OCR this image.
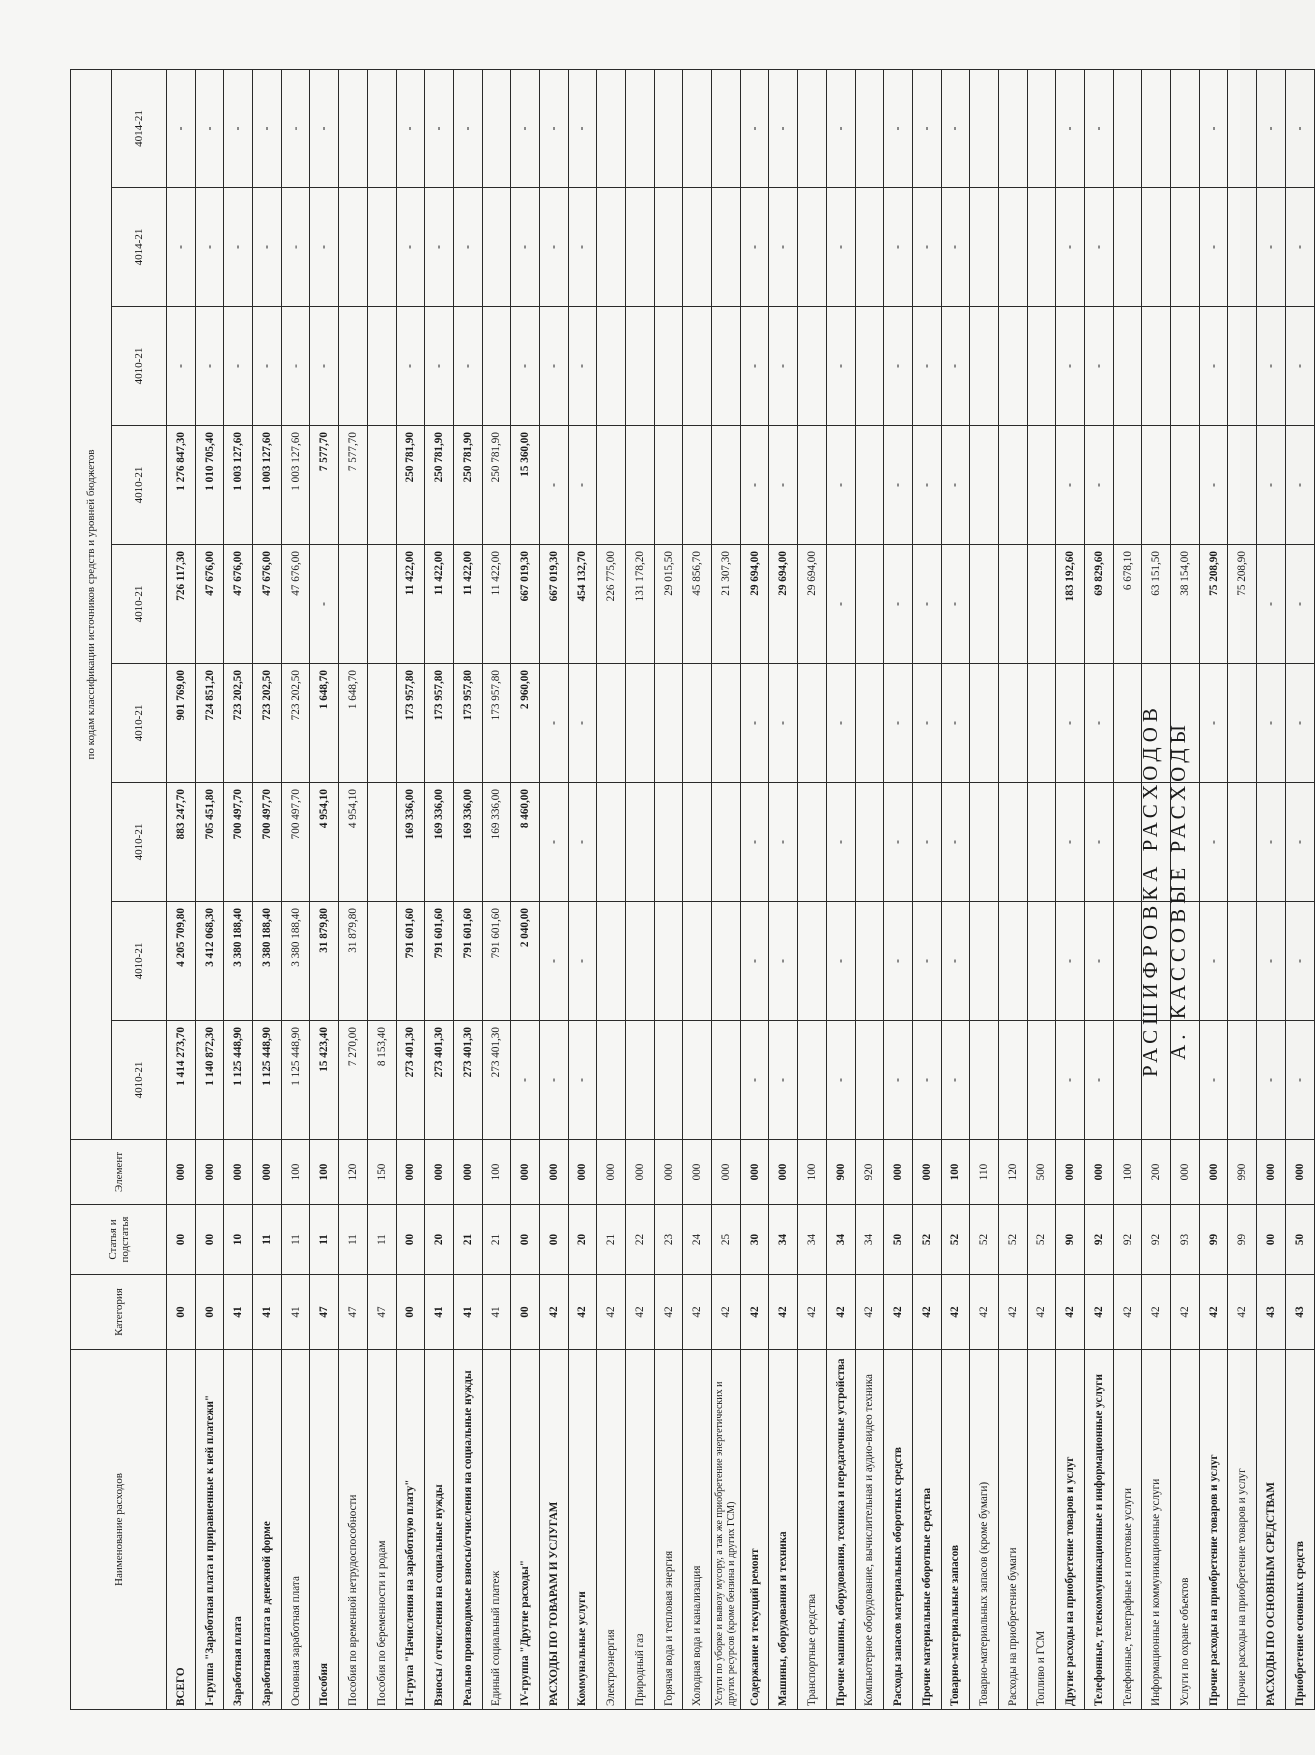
Наименование расходов	Категория	Статья и подстатья	Элемент	по кодам классификации источников средств и уровней бюджетов								
				4010-21	4010-21	4010-21	4010-21	4010-21	4010-21	4010-21	4014-21	4014-21
ВСЕГО	00	00	000	1 414 273,70	4 205 709,80	883 247,70	901 769,00	726 117,30	1 276 847,30	-	-	-
I-группа "Заработная плата и приравненные к ней платежи"	00	00	000	1 140 872,30	3 412 068,30	705 451,80	724 851,20	47 676,00	1 010 705,40	-	-	-
Заработная плата	41	10	000	1 125 448,90	3 380 188,40	700 497,70	723 202,50	47 676,00	1 003 127,60	-	-	-
Заработная плата в денежной форме	41	11	000	1 125 448,90	3 380 188,40	700 497,70	723 202,50	47 676,00	1 003 127,60	-	-	-
Основная заработная плата	41	11	100	1 125 448,90	3 380 188,40	700 497,70	723 202,50	47 676,00	1 003 127,60	-	-	-
Пособия	47	11	100	15 423,40	31 879,80	4 954,10	1 648,70	-	7 577,70	-	-	-
Пособия по временной нетрудоспособности	47	11	120	7 270,00	31 879,80	4 954,10	1 648,70		7 577,70			
Пособия по беременности и родам	47	11	150	8 153,40								
II-група "Начисления на заработную плату"	00	00	000	273 401,30	791 601,60	169 336,00	173 957,80	11 422,00	250 781,90	-	-	-
Взносы / отчисления на социальные нужды	41	20	000	273 401,30	791 601,60	169 336,00	173 957,80	11 422,00	250 781,90	-	-	-
Реально производимые взносы/отчисления на социальные нужды	41	21	000	273 401,30	791 601,60	169 336,00	173 957,80	11 422,00	250 781,90	-	-	-
Единый социальный платеж	41	21	100	273 401,30	791 601,60	169 336,00	173 957,80	11 422,00	250 781,90			
IV-группа "Другие расходы"	00	00	000	-	2 040,00	8 460,00	2 960,00	667 019,30	15 360,00	-	-	-
РАСХОДЫ ПО ТОВАРАМ И УСЛУГАМ	42	00	000	-	-	-	-	667 019,30	-	-	-	-
Коммунальные услуги	42	20	000	-	-	-	-	454 132,70	-	-	-	-
Электроэнергия	42	21	000					226 775,00				
Природный газ	42	22	000					131 178,20				
Горячая вода и тепловая энергия	42	23	000					29 015,50				
Холодная вода и канализация	42	24	000					45 856,70				
Услуги по уборке и вывозу мусору, а так же приобретение энергетических и других ресурсов (кроме бензина и других ГСМ)	42	25	000					21 307,30				
Содержание и текущий ремонт	42	30	000	-	-	-	-	29 694,00	-	-	-	-
Машины, оборудования и техника	42	34	000	-	-	-	-	29 694,00	-	-	-	-
Транспортные средства	42	34	100					29 694,00				
Прочие машины, оборудования, техника и передаточные устройства	42	34	900	-	-	-	-	-	-	-	-	-
Компьютерное оборудование, вычислительная и аудио-видео техника	42	34	920									
Расходы запасов материальных оборотных средств	42	50	000	-	-	-	-	-	-	-	-	-
Прочие материальные оборотные средства	42	52	000	-	-	-	-	-	-	-	-	-
Товарно-материальные запасов	42	52	100	-	-	-	-	-	-	-	-	-
Товарно-материальных запасов (кроме бумаги)	42	52	110									
Расходы на приобретение бумаги	42	52	120									
Топливо и ГСМ	42	52	500									
Другие расходы на приобретение товаров и услуг	42	90	000	-	-	-	-	183 192,60	-	-	-	-
Телефонные, телекоммуникационные и информационные услуги	42	92	000	-	-	-	-	69 829,60	-	-	-	-
Телефонные, телеграфные и почтовые услуги	42	92	100					6 678,10				
Информационные и коммуникационные услуги	42	92	200					63 151,50				
Услуги по охране объектов	42	93	000					38 154,00				
Прочие расходы на приобретение товаров и услуг	42	99	000	-	-	-	-	75 208,90	-	-	-	-
Прочие расходы на приобретение товаров и услуг	42	99	990					75 208,90				
РАСХОДЫ ПО ОСНОВНЫМ СРЕДСТВАМ	43	00	000	-	-	-	-	-	-	-	-	-
Приобретение основных средств	43	50	000	-	-	-	-	-	-	-	-	-
РАСШИФРОВКА РАСХОДОВ А. КАССОВЫЕ РАСХОДЫ
